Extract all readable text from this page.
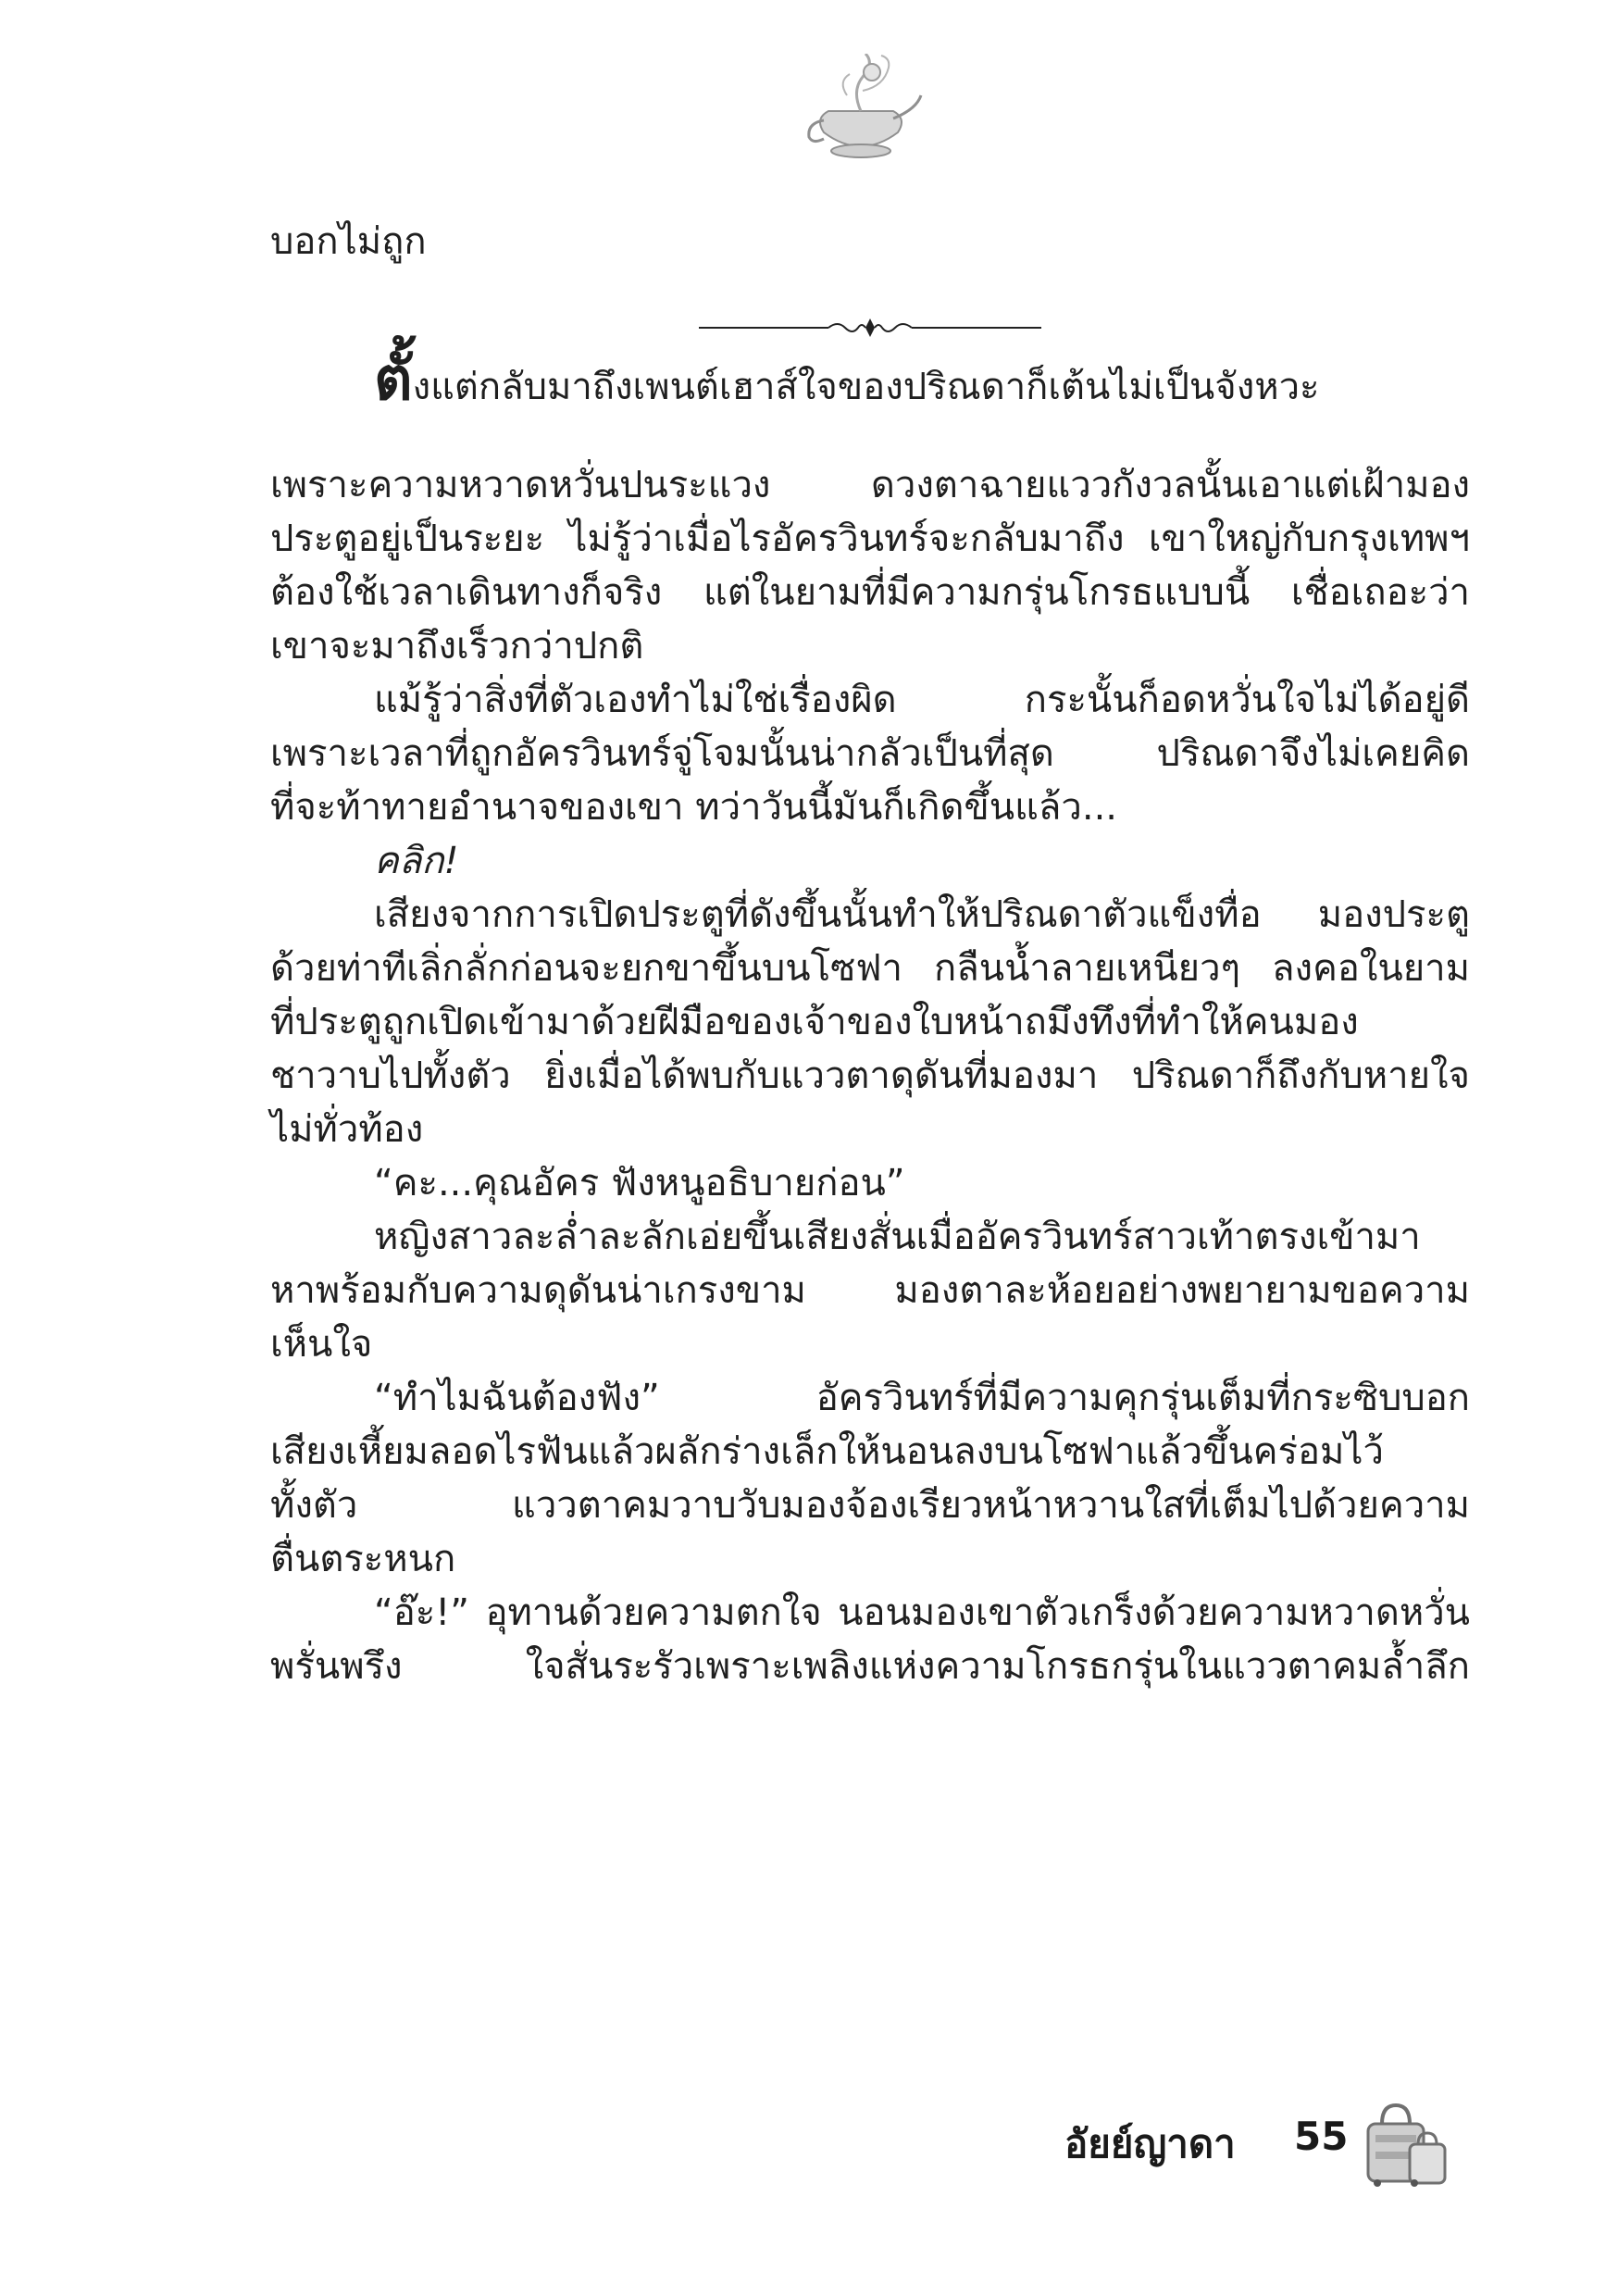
บอกไม่ถูก
ตั้งแต่กลับมาถึงเพนต์เฮาส์ใจของปริณดาก็เต้นไม่เป็นจังหวะ
เพราะความหวาดหวั่นปนระแวง ดวงตาฉายแววกังวลนั้นเอาแต่เฝ้ามอง
ประตูอยู่เป็นระยะ ไม่รู้ว่าเมื่อไรอัครวินทร์จะกลับมาถึง เขาใหญ่กับกรุงเทพฯ
ต้องใช้เวลาเดินทางก็จริง แต่ในยามที่มีความกรุ่นโกรธแบบนี้ เชื่อเถอะว่า
เขาจะมาถึงเร็วกว่าปกติ
แม้รู้ว่าสิ่งที่ตัวเองทำไม่ใช่เรื่องผิด กระนั้นก็อดหวั่นใจไม่ได้อยู่ดี
เพราะเวลาที่ถูกอัครวินทร์จู่โจมนั้นน่ากลัวเป็นที่สุด ปริณดาจึงไม่เคยคิด
ที่จะท้าทายอำนาจของเขา ทว่าวันนี้มันก็เกิดขึ้นแล้ว...
คลิก!
เสียงจากการเปิดประตูที่ดังขึ้นนั้นทำให้ปริณดาตัวแข็งทื่อ มองประตู
ด้วยท่าทีเลิ่กลั่กก่อนจะยกขาขึ้นบนโซฟา กลืนน้ำลายเหนียวๆ ลงคอในยาม
ที่ประตูถูกเปิดเข้ามาด้วยฝีมือของเจ้าของใบหน้าถมึงทึงที่ทำให้คนมอง
ชาวาบไปทั้งตัว ยิ่งเมื่อได้พบกับแววตาดุดันที่มองมา ปริณดาก็ถึงกับหายใจ
ไม่ทั่วท้อง
“คะ...คุณอัคร ฟังหนูอธิบายก่อน”
หญิงสาวละล่ำละลักเอ่ยขึ้นเสียงสั่นเมื่ออัครวินทร์สาวเท้าตรงเข้ามา
หาพร้อมกับความดุดันน่าเกรงขาม มองตาละห้อยอย่างพยายามขอความ
เห็นใจ
“ทำไมฉันต้องฟัง” อัครวินทร์ที่มีความคุกรุ่นเต็มที่กระซิบบอก
เสียงเหี้ยมลอดไรฟันแล้วผลักร่างเล็กให้นอนลงบนโซฟาแล้วขึ้นคร่อมไว้
ทั้งตัว แววตาคมวาบวับมองจ้องเรียวหน้าหวานใสที่เต็มไปด้วยความ
ตื่นตระหนก
“อ๊ะ!” อุทานด้วยความตกใจ นอนมองเขาตัวเกร็งด้วยความหวาดหวั่น
พรั่นพรึง ใจสั่นระรัวเพราะเพลิงแห่งความโกรธกรุ่นในแววตาคมล้ำลึก
อัยย์ญาดา 55
